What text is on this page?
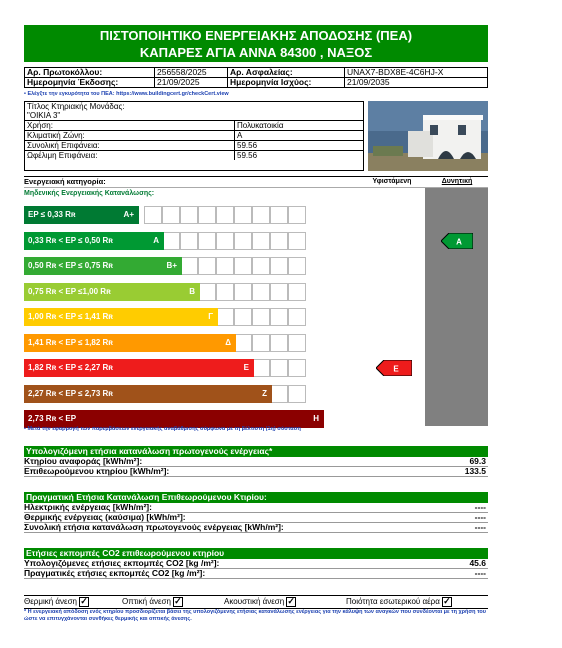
ΠΙΣΤΟΠΟΙΗΤΙΚΟ ΕΝΕΡΓΕΙΑΚΗΣ ΑΠΟΔΟΣΗΣ (ΠΕΑ)
ΚΑΠΑΡΕΣ ΑΓΙΑ ΑΝΝΑ 84300 , ΝΑΞΟΣ
Αρ. Πρωτοκόλλου:	256558/2025	Αρ. Ασφαλείας:	UNAX7-BDX8E-4C6HJ-X
Ημερομηνία Έκδοσης:	21/09/2025	Ημερομηνία Ισχύος:	21/09/2035
• Ελέγξτε την εγκυρότητα του ΠΕΑ: https://www.buildingcert.gr/checkCert.view
Τίτλος Κτηριακής Μονάδας:
"ΟΙΚΙΑ 3"
Χρήση:	Πολυκατοικία
Κλιματική Ζώνη:	Α
Συνολική Επιφάνεια:	59.56
Ωφέλιμη Επιφάνεια:	59.56
Ενεργειακή κατηγορία:	Υφιστάμενη	Δυνητική
Μηδενικής Ενεργειακής Κατανάλωσης:
EP ≤ 0,33 Rʀ	A+
0,33 Rʀ < EP ≤ 0,50 Rʀ	A	A
0,50 Rʀ < EP ≤ 0,75 Rʀ	B+
0,75 Rʀ < EP ≤1,00 Rʀ	B
1,00 Rʀ < EP ≤ 1,41 Rʀ	Γ
1,41 Rʀ < EP ≤ 1,82 Rʀ	Δ
1,82 Rʀ < EP ≤ 2,27 Rʀ	E	E
2,27 Rʀ < EP ≤ 2,73 Rʀ	Z
2,73 Rʀ < EP	H
• Μετά την εφαρμογή των παρεμβάσεων ενεργειακής αναβάθμισης σύμφωνα με τη βέλτιστη (1η) σύσταση
Υπολογιζόμενη ετήσια κατανάλωση πρωτογενούς ενέργειας*
Κτηρίου αναφοράς [kWh/m²]:	69.3
Επιθεωρούμενου κτηρίου [kWh/m²]:	133.5
Πραγματική Ετήσια Κατανάλωση Επιθεωρούμενου Κτιρίου:
Ηλεκτρικής ενέργειας [kWh/m²]:	----
Θερμικής ενέργειας (καύσιμα) [kWh/m²]:	----
Συνολική ετήσια κατανάλωση πρωτογενούς ενέργειας [kWh/m²]:	----
Ετήσιες εκπομπές CO2 επιθεωρούμενου κτηρίου
Υπολογιζόμενες ετήσιες εκπομπές CO2 [kg /m²]:	45.6
Πραγματικές ετήσιες εκπομπές CO2 [kg /m²]:	----
Θερμική άνεση ✓	Οπτική άνεση ✓	Ακουστική άνεση ✓	Ποιότητα εσωτερικού αέρα ✓
* Η ενεργειακή απόδοση ενός κτηρίου προσδιορίζεται βάσει της υπολογιζόμενης ετήσιας κατανάλωσης ενέργειας για την κάλυψη των αναγκών που συνδέονται με τη χρήση του ώστε να επιτυγχάνονται συνθήκες θερμικής και οπτικής άνεσης.
